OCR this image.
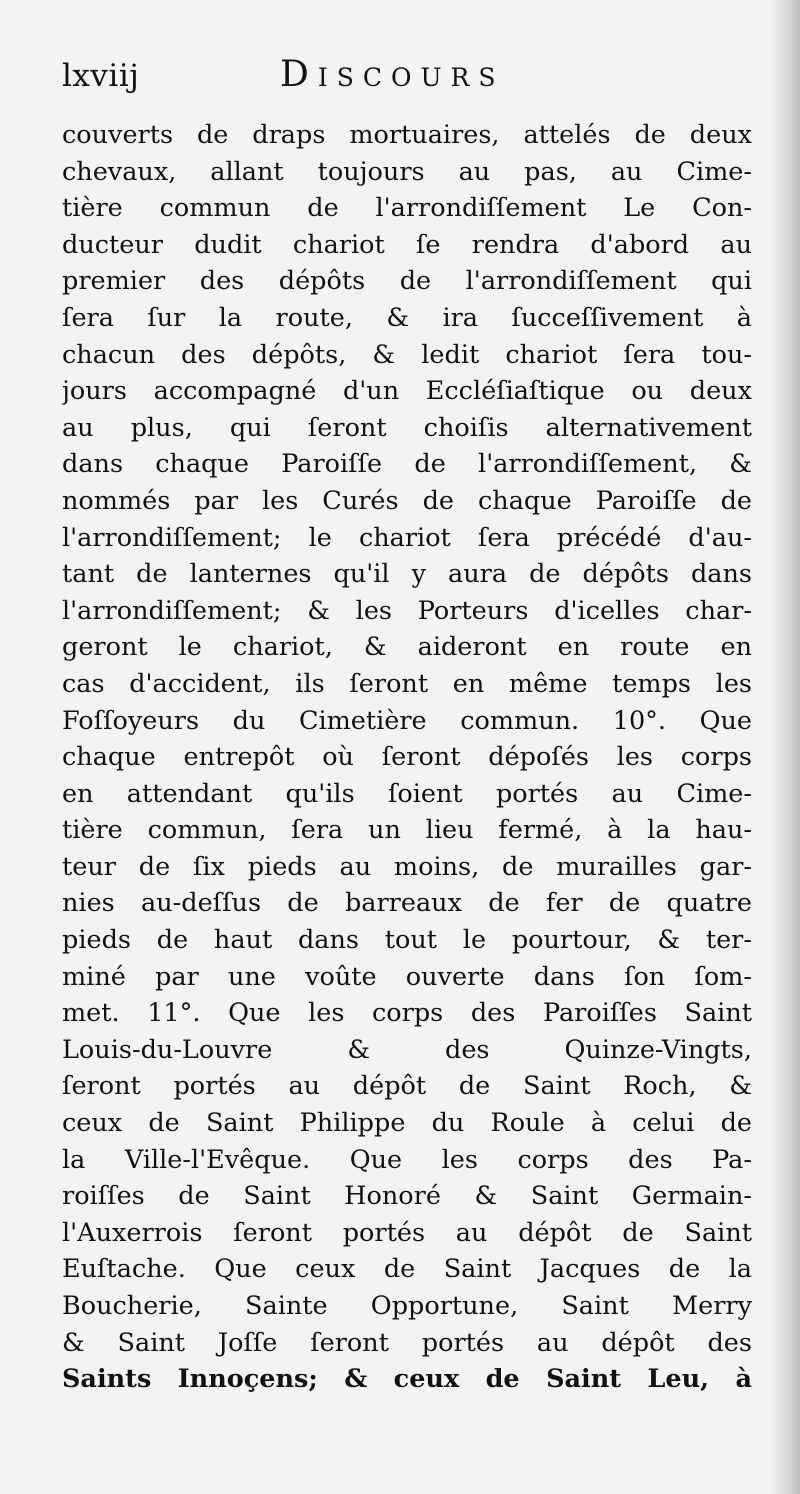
lxviij	Discours
couverts de draps mortuaires, attelés de deux
chevaux, allant toujours au pas, au Cime-
tière commun de l'arrondiſſement Le Con-
ducteur dudit chariot ſe rendra d'abord au
premier des dépôts de l'arrondiſſement qui
ſera ſur la route, & ira ſucceſſivement à
chacun des dépôts, & ledit chariot ſera tou-
jours accompagné d'un Eccléſiaſtique ou deux
au plus, qui ſeront choiſis alternativement
dans chaque Paroiſſe de l'arrondiſſement, &
nommés par les Curés de chaque Paroiſſe de
l'arrondiſſement; le chariot ſera précédé d'au-
tant de lanternes qu'il y aura de dépôts dans
l'arrondiſſement; & les Porteurs d'icelles char-
geront le chariot, & aideront en route en
cas d'accident, ils ſeront en même temps les
Foſſoyeurs du Cimetière commun. 10°. Que
chaque entrepôt où ſeront dépoſés les corps
en attendant qu'ils ſoient portés au Cime-
tière commun, ſera un lieu fermé, à la hau-
teur de ſix pieds au moins, de murailles gar-
nies au-deſſus de barreaux de fer de quatre
pieds de haut dans tout le pourtour, & ter-
miné par une voûte ouverte dans ſon ſom-
met. 11°. Que les corps des Paroiſſes Saint
Louis-du-Louvre & des Quinze-Vingts,
ſeront portés au dépôt de Saint Roch, &
ceux de Saint Philippe du Roule à celui de
la Ville-l'Evêque. Que les corps des Pa-
roiſſes de Saint Honoré & Saint Germain-
l'Auxerrois ſeront portés au dépôt de Saint
Euſtache. Que ceux de Saint Jacques de la
Boucherie, Sainte Opportune, Saint Merry
& Saint Joſſe ſeront portés au dépôt des
Saints Innoçens; & ceux de Saint Leu, à
